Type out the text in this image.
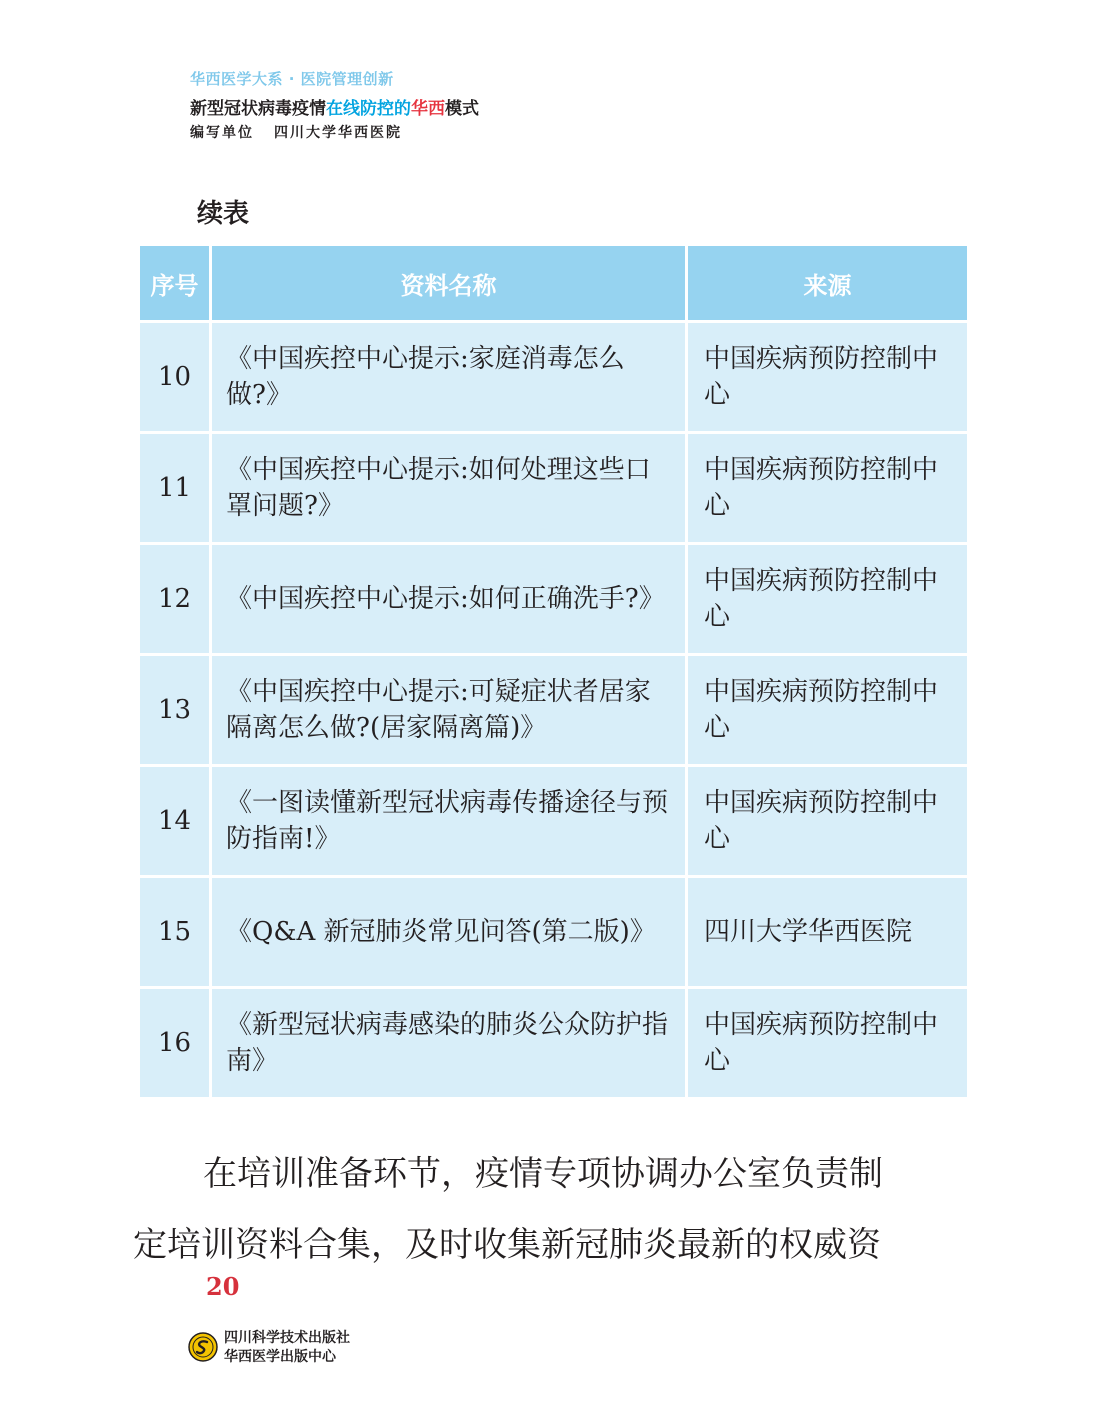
华西医学大系 · 医院管理创新
新型冠状病毒疫情在线防控的华西模式
编写单位 四川大学华西医院
续表
序号	资料名称	来源
10	《中国疾控中心提示:家庭消毒怎么做?》	中国疾病预防控制中心
11	《中国疾控中心提示:如何处理这些口罩问题?》	中国疾病预防控制中心
12	《中国疾控中心提示:如何正确洗手?》	中国疾病预防控制中心
13	《中国疾控中心提示:可疑症状者居家隔离怎么做?(居家隔离篇)》	中国疾病预防控制中心
14	《一图读懂新型冠状病毒传播途径与预防指南!》	中国疾病预防控制中心
15	《Q&A 新冠肺炎常见问答(第二版)》	四川大学华西医院
16	《新型冠状病毒感染的肺炎公众防护指南》	中国疾病预防控制中心
在培训准备环节，疫情专项协调办公室负责制
定培训资料合集，及时收集新冠肺炎最新的权威资
20
四川科学技术出版社
华西医学出版中心
